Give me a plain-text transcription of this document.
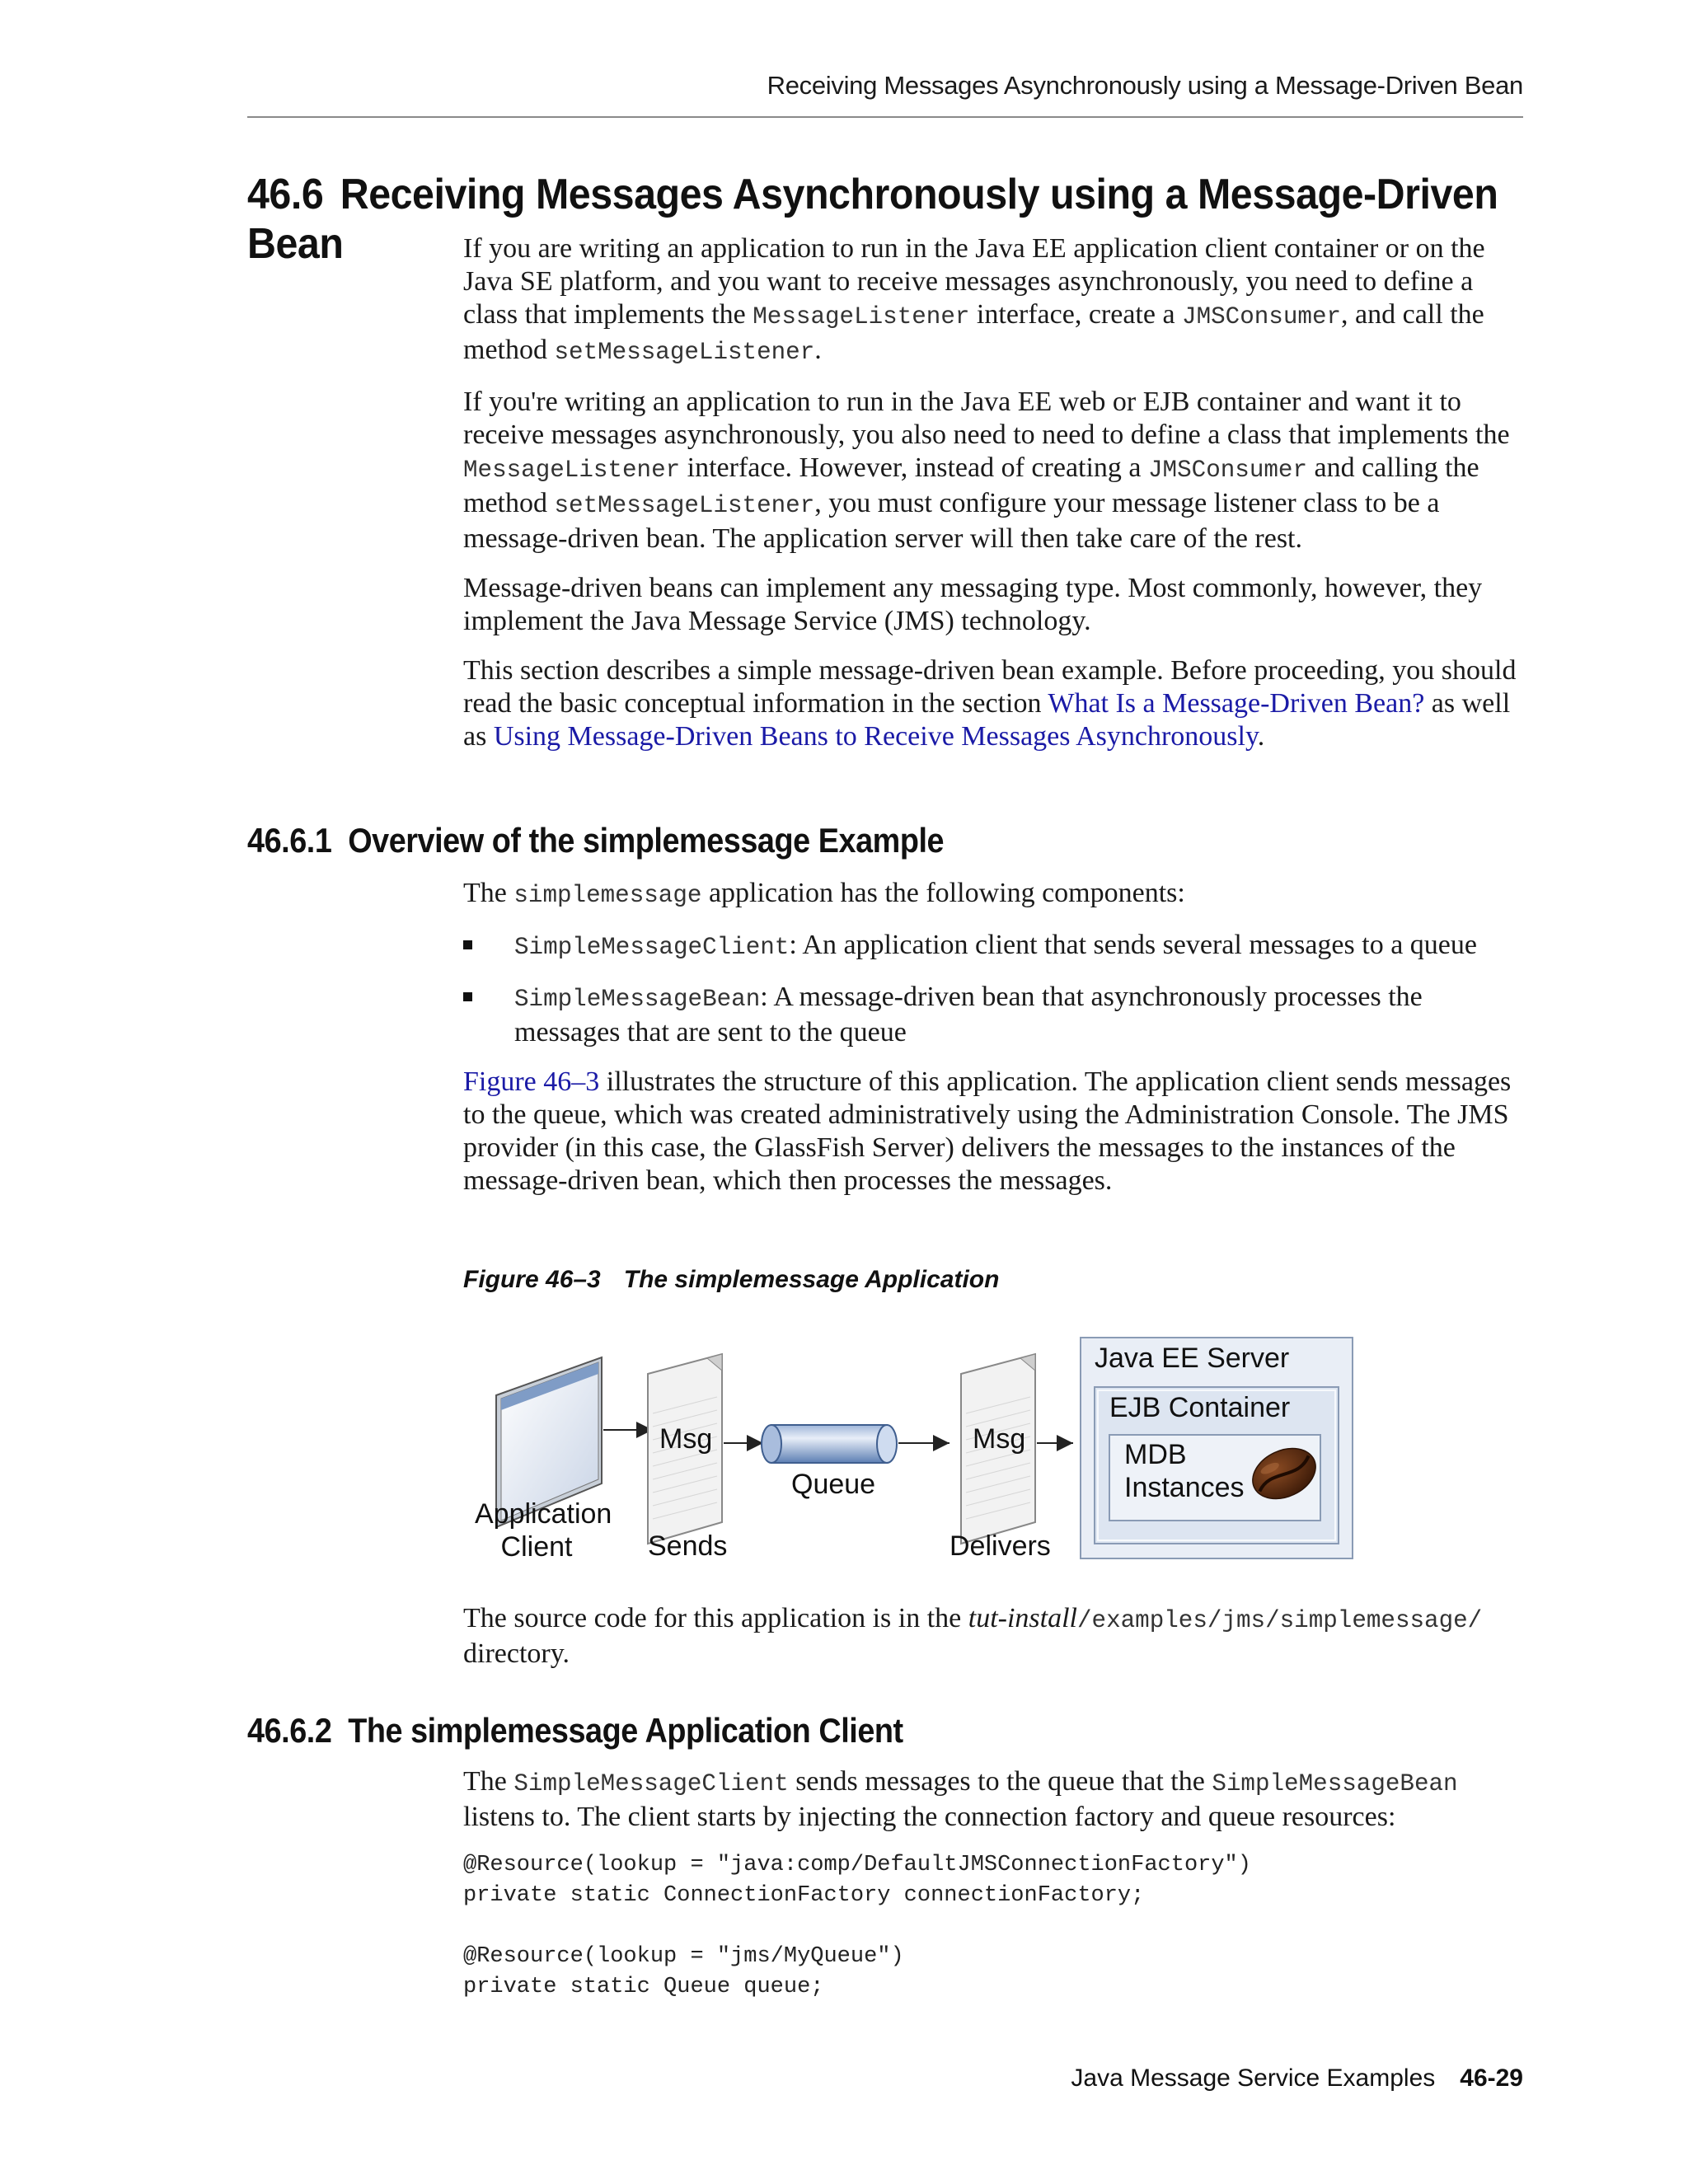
Receiving Messages Asynchronously using a Message-Driven Bean
46.6 Receiving Messages Asynchronously using a Message-Driven Bean	If you are writing an application to run in the Java EE application client container or on the Java SE platform, and you want to receive messages asynchronously, you need to define a class that implements the MessageListener interface, create a JMSConsumer, and call the method setMessageListener.

If you're writing an application to run in the Java EE web or EJB container and want it to receive messages asynchronously, you also need to need to define a class that implements the MessageListener interface. However, instead of creating a JMSConsumer and calling the method setMessageListener, you must configure your message listener class to be a message-driven bean. The application server will then take care of the rest.

Message-driven beans can implement any messaging type. Most commonly, however, they implement the Java Message Service (JMS) technology.

This section describes a simple message-driven bean example. Before proceeding, you should read the basic conceptual information in the section What Is a Message-Driven Bean? as well as Using Message-Driven Beans to Receive Messages Asynchronously.

46.6.1 Overview of the simplemessage Example

The simplemessage application has the following components:

SimpleMessageClient: An application client that sends several messages to a queue
SimpleMessageBean: A message-driven bean that asynchronously processes the messages that are sent to the queue

Figure 46–3 illustrates the structure of this application. The application client sends messages to the queue, which was created administratively using the Administration Console. The JMS provider (in this case, the GlassFish Server) delivers the messages to the instances of the message-driven bean, which then processes the messages.

Figure 46–3 The simplemessage Application
Application
Client
Msg
Sends
Queue
Msg
Delivers
Java EE Server
EJB Container
MDB
Instances

The source code for this application is in the tut-install/examples/jms/simplemessage/ directory.

46.6.2 The simplemessage Application Client

The SimpleMessageClient sends messages to the queue that the SimpleMessageBean listens to. The client starts by injecting the connection factory and queue resources:

@Resource(lookup = "java:comp/DefaultJMSConnectionFactory")
private static ConnectionFactory connectionFactory;

@Resource(lookup = "jms/MyQueue")
private static Queue queue;
Java Message Service Examples 46-29
